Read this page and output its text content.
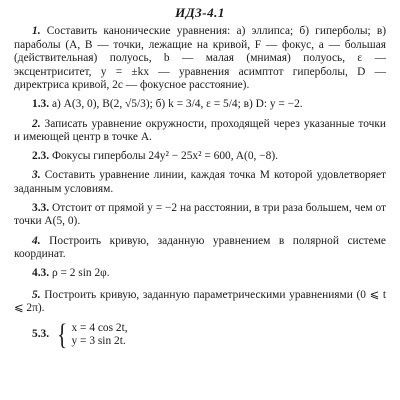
ИДЗ-4.1

1. Составить канонические уравнения: а) эллипса; б) гиперболы; в) параболы (A, B — точки, лежащие на кривой, F — фокус, a — большая (действительная) полуось, b — малая (мнимая) полуось, ε — эксцентриситет, y = ±kx — уравнения асимптот гиперболы, D — директриса кривой, 2c — фокусное расстояние).

1.3. а) A(3, 0), B(2, √5/3); б) k = 3/4, ε = 5/4; в) D: y = −2.

2. Записать уравнение окружности, проходящей через указанные точки и имеющей центр в точке A.

2.3. Фокусы гиперболы 24y² − 25x² = 600, A(0, −8).

3. Составить уравнение линии, каждая точка M которой удовлетворяет заданным условиям.

3.3. Отстоит от прямой y = −2 на расстоянии, в три раза большем, чем от точки A(5, 0).

4. Построить кривую, заданную уравнением в полярной системе координат.

4.3. ρ = 2 sin 2φ.

5. Построить кривую, заданную параметрическими уравнениями (0 ⩽ t ⩽ 2π).

5.3. { x = 4 cos 2t,
y = 3 sin 2t.
